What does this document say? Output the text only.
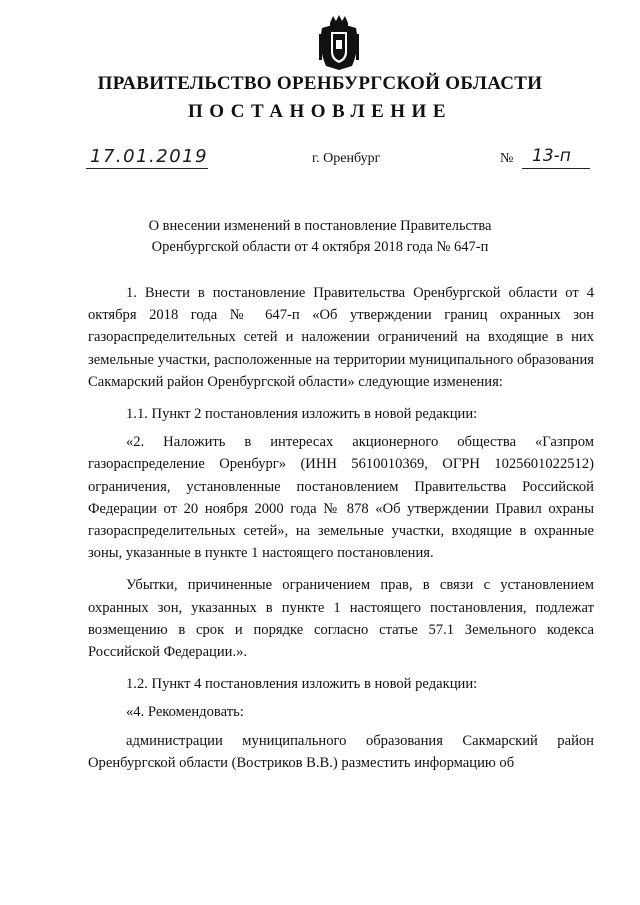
ПРАВИТЕЛЬСТВО ОРЕНБУРГСКОЙ ОБЛАСТИ
ПОСТАНОВЛЕНИЕ
17.01.2019	г. Оренбург	№ 13-п
О внесении изменений в постановление Правительства
Оренбургской области от 4 октября 2018 года № 647-п

1. Внести в постановление Правительства Оренбургской области от 4 октября 2018 года № 647-п «Об утверждении границ охранных зон газораспределительных сетей и наложении ограничений на входящие в них земельные участки, расположенные на территории муниципального образования Сакмарский район Оренбургской области» следующие изменения:

1.1. Пункт 2 постановления изложить в новой редакции:

«2. Наложить в интересах акционерного общества «Газпром газораспределение Оренбург» (ИНН 5610010369, ОГРН 1025601022512) ограничения, установленные постановлением Правительства Российской Федерации от 20 ноября 2000 года № 878 «Об утверждении Правил охраны газораспределительных сетей», на земельные участки, входящие в охранные зоны, указанные в пункте 1 настоящего постановления.

Убытки, причиненные ограничением прав, в связи с установлением охранных зон, указанных в пункте 1 настоящего постановления, подлежат возмещению в срок и порядке согласно статье 57.1 Земельного кодекса Российской Федерации.».

1.2. Пункт 4 постановления изложить в новой редакции:

«4. Рекомендовать:

администрации муниципального образования Сакмарский район Оренбургской области (Востриков В.В.) разместить информацию об
